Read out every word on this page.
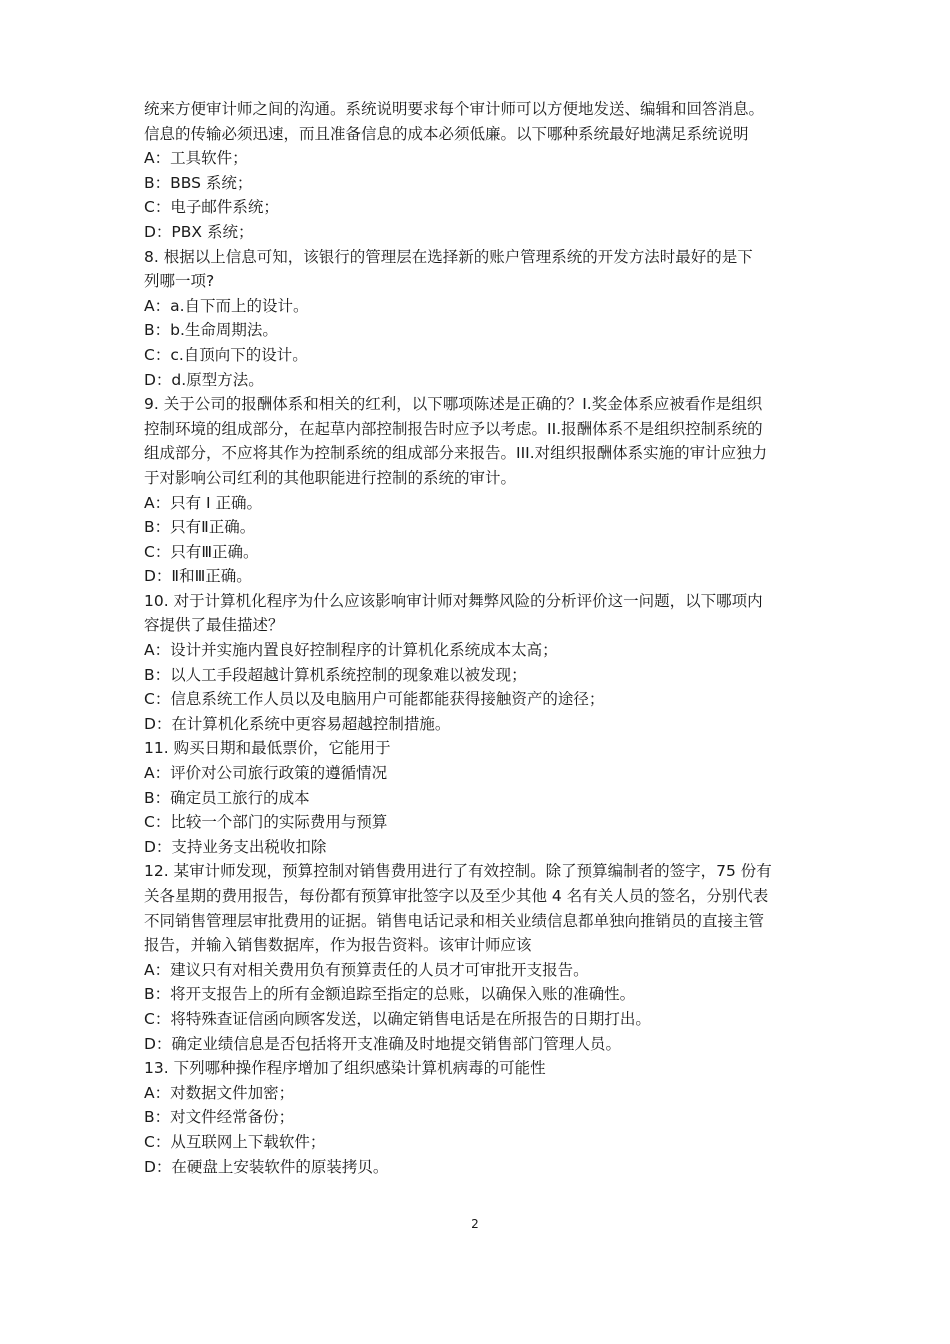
统来方便审计师之间的沟通。系统说明要求每个审计师可以方便地发送、编辑和回答消息。
信息的传输必须迅速，而且准备信息的成本必须低廉。以下哪种系统最好地满足系统说明
A：工具软件；
B：BBS 系统；
C：电子邮件系统；
D：PBX 系统；
8. 根据以上信息可知，该银行的管理层在选择新的账户管理系统的开发方法时最好的是下
列哪一项?
A：a.自下而上的设计。
B：b.生命周期法。
C：c.自顶向下的设计。
D：d.原型方法。
9. 关于公司的报酬体系和相关的红利，以下哪项陈述是正确的？I.奖金体系应被看作是组织
控制环境的组成部分，在起草内部控制报告时应予以考虑。II.报酬体系不是组织控制系统的
组成部分，不应将其作为控制系统的组成部分来报告。III.对组织报酬体系实施的审计应独力
于对影响公司红利的其他职能进行控制的系统的审计。
A：只有 I 正确。
B：只有Ⅱ正确。
C：只有Ⅲ正确。
D：Ⅱ和Ⅲ正确。
10. 对于计算机化程序为什么应该影响审计师对舞弊风险的分析评价这一问题，以下哪项内
容提供了最佳描述？
A：设计并实施内置良好控制程序的计算机化系统成本太高；
B：以人工手段超越计算机系统控制的现象难以被发现；
C：信息系统工作人员以及电脑用户可能都能获得接触资产的途径；
D：在计算机化系统中更容易超越控制措施。
11. 购买日期和最低票价，它能用于
A：评价对公司旅行政策的遵循情况
B：确定员工旅行的成本
C：比较一个部门的实际费用与预算
D：支持业务支出税收扣除
12. 某审计师发现，预算控制对销售费用进行了有效控制。除了预算编制者的签字，75 份有
关各星期的费用报告，每份都有预算审批签字以及至少其他 4 名有关人员的签名，分别代表
不同销售管理层审批费用的证据。销售电话记录和相关业绩信息都单独向推销员的直接主管
报告，并输入销售数据库，作为报告资料。该审计师应该
A：建议只有对相关费用负有预算责任的人员才可审批开支报告。
B：将开支报告上的所有金额追踪至指定的总账，以确保入账的准确性。
C：将特殊查证信函向顾客发送，以确定销售电话是在所报告的日期打出。
D：确定业绩信息是否包括将开支准确及时地提交销售部门管理人员。
13. 下列哪种操作程序增加了组织感染计算机病毒的可能性
A：对数据文件加密；
B：对文件经常备份；
C：从互联网上下载软件；
D：在硬盘上安装软件的原装拷贝。
2
